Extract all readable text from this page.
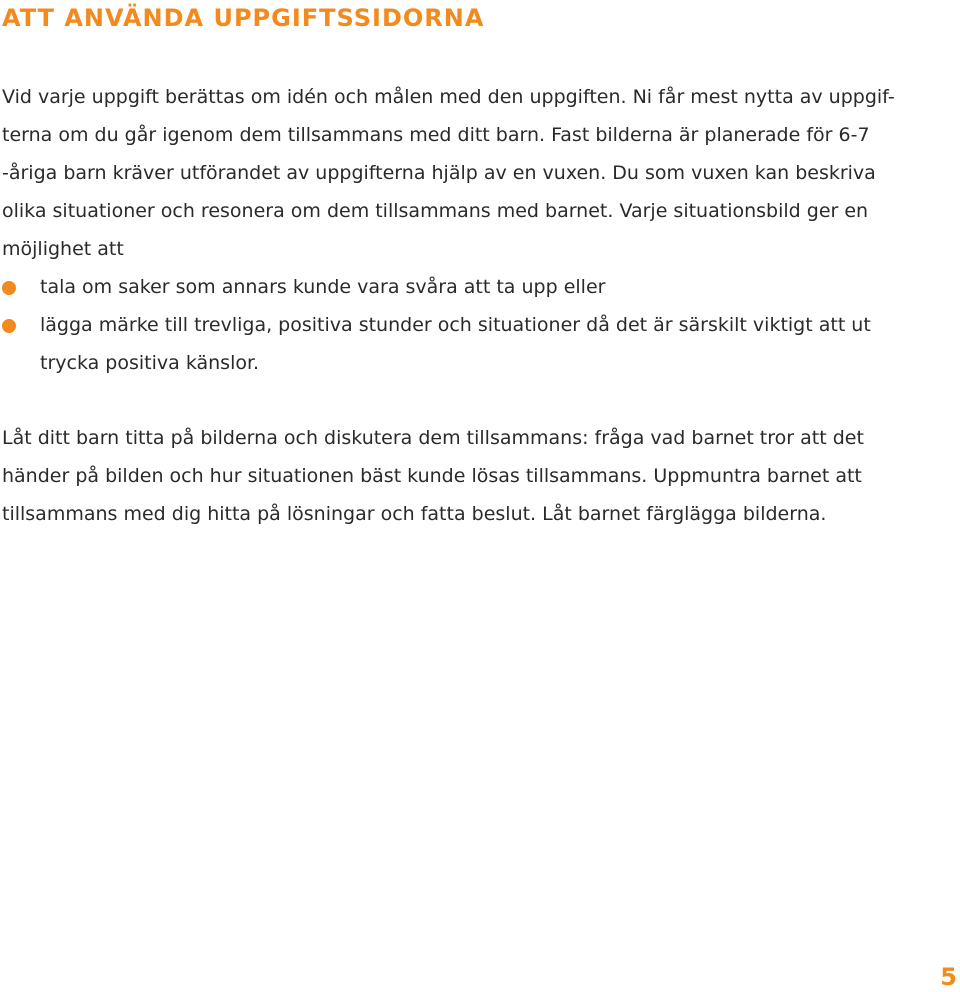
ATT ANVÄNDA UPPGIFTSSIDORNA

Vid varje uppgift berättas om idén och målen med den uppgiften. Ni får mest nytta av uppgif-
terna om du går igenom dem tillsammans med ditt barn. Fast bilderna är planerade för 6-7
-åriga barn kräver utförandet av uppgifterna hjälp av en vuxen. Du som vuxen kan beskriva
olika situationer och resonera om dem tillsammans med barnet. Varje situationsbild ger en
möjlighet att

tala om saker som annars kunde vara svåra att ta upp eller
lägga märke till trevliga, positiva stunder och situationer då det är särskilt viktigt att ut
trycka positiva känslor.

Låt ditt barn titta på bilderna och diskutera dem tillsammans: fråga vad barnet tror att det
händer på bilden och hur situationen bäst kunde lösas tillsammans. Uppmuntra barnet att
tillsammans med dig hitta på lösningar och fatta beslut. Låt barnet färglägga bilderna.

5
